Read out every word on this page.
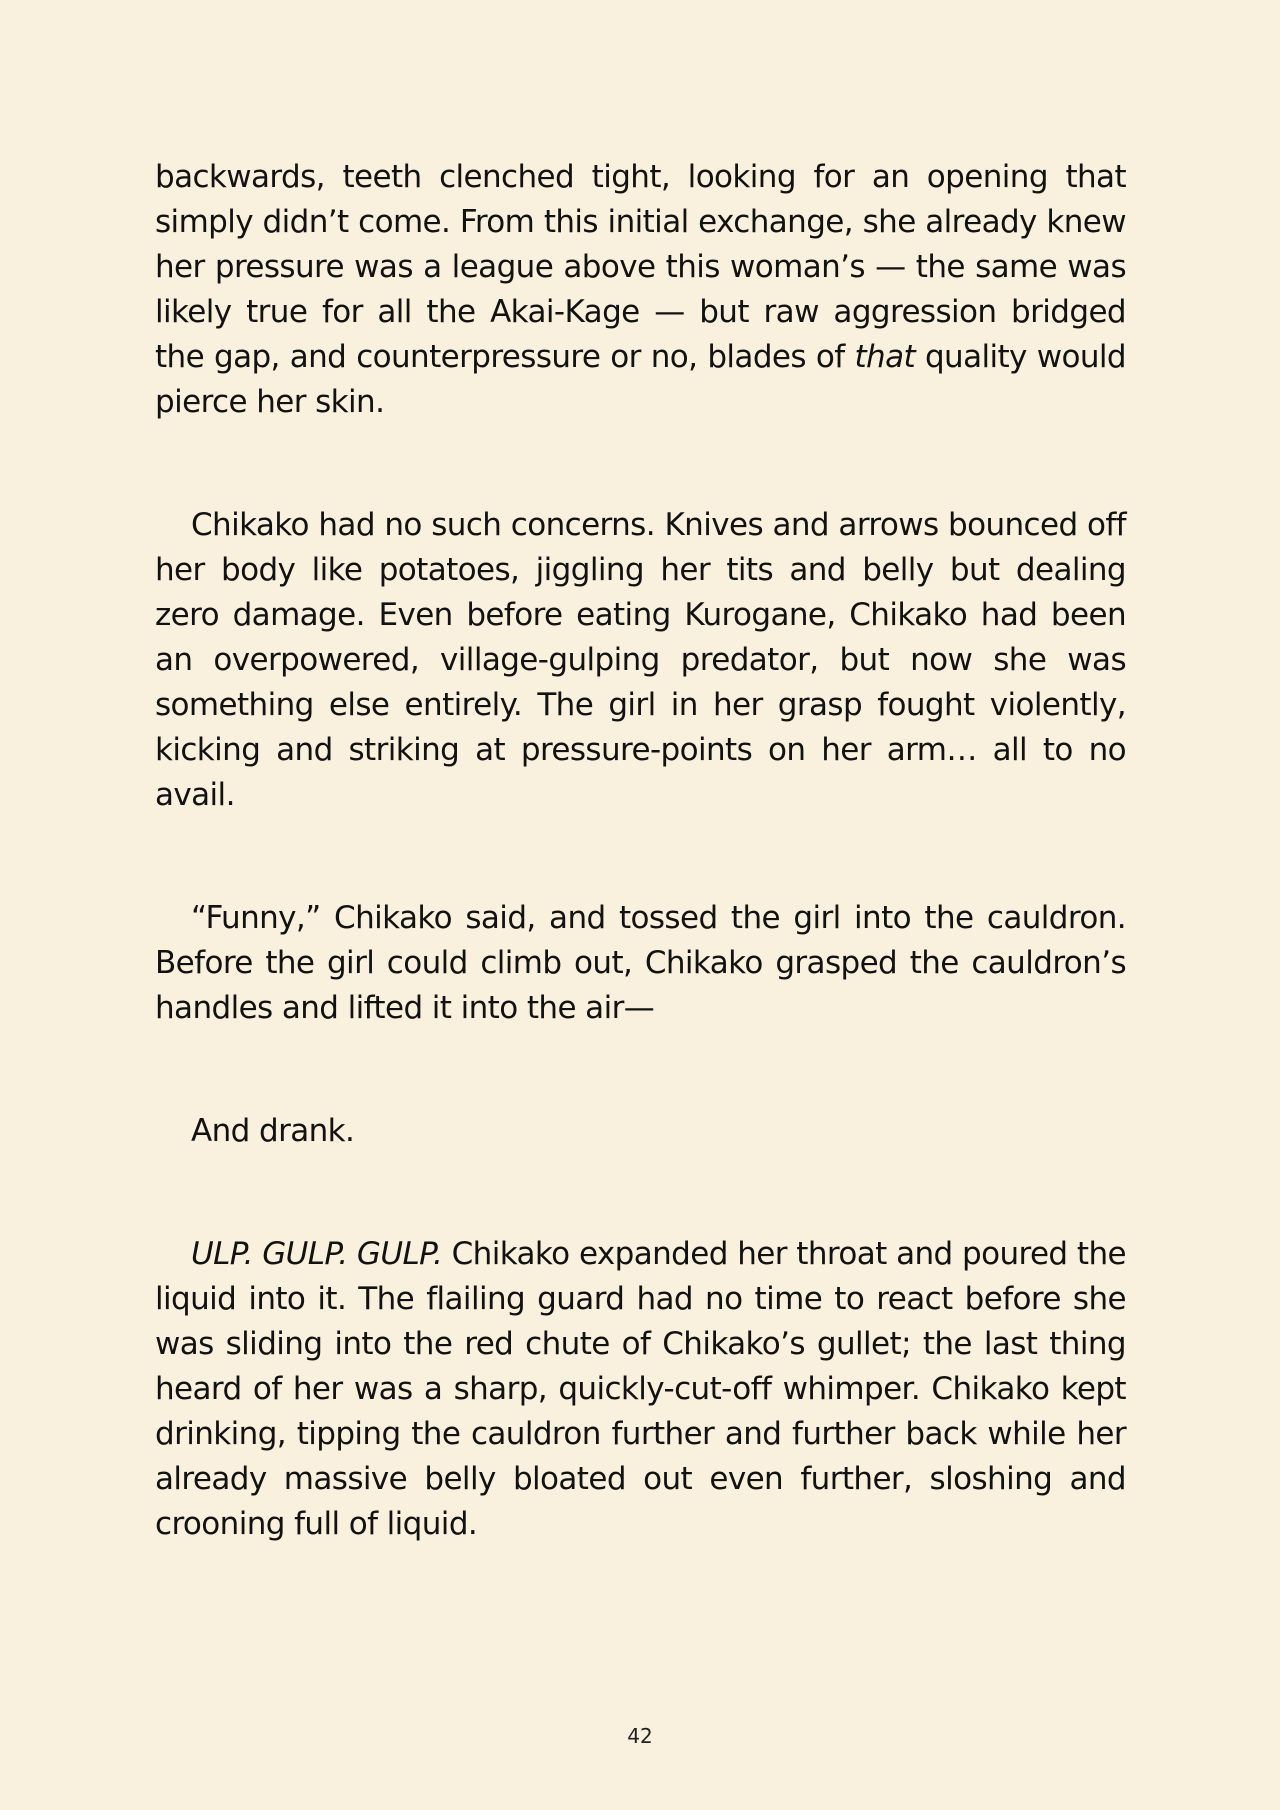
backwards, teeth clenched tight, looking for an opening that simply didn’t come. From this initial exchange, she already knew her pressure was a league above this woman’s — the same was likely true for all the Akai-Kage — but raw aggression bridged the gap, and counterpressure or no, blades of that quality would pierce her skin.

Chikako had no such concerns. Knives and arrows bounced off her body like potatoes, jiggling her tits and belly but dealing zero damage. Even before eating Kurogane, Chikako had been an overpowered, village-gulping predator, but now she was something else entirely. The girl in her grasp fought violently, kicking and striking at pressure-points on her arm… all to no avail.

“Funny,” Chikako said, and tossed the girl into the cauldron. Before the girl could climb out, Chikako grasped the cauldron’s handles and lifted it into the air—

And drank.

ULP. GULP. GULP. Chikako expanded her throat and poured the liquid into it. The flailing guard had no time to react before she was sliding into the red chute of Chikako’s gullet; the last thing heard of her was a sharp, quickly-cut-off whimper. Chikako kept drinking, tipping the cauldron further and further back while her already massive belly bloated out even further, sloshing and crooning full of liquid.

42
